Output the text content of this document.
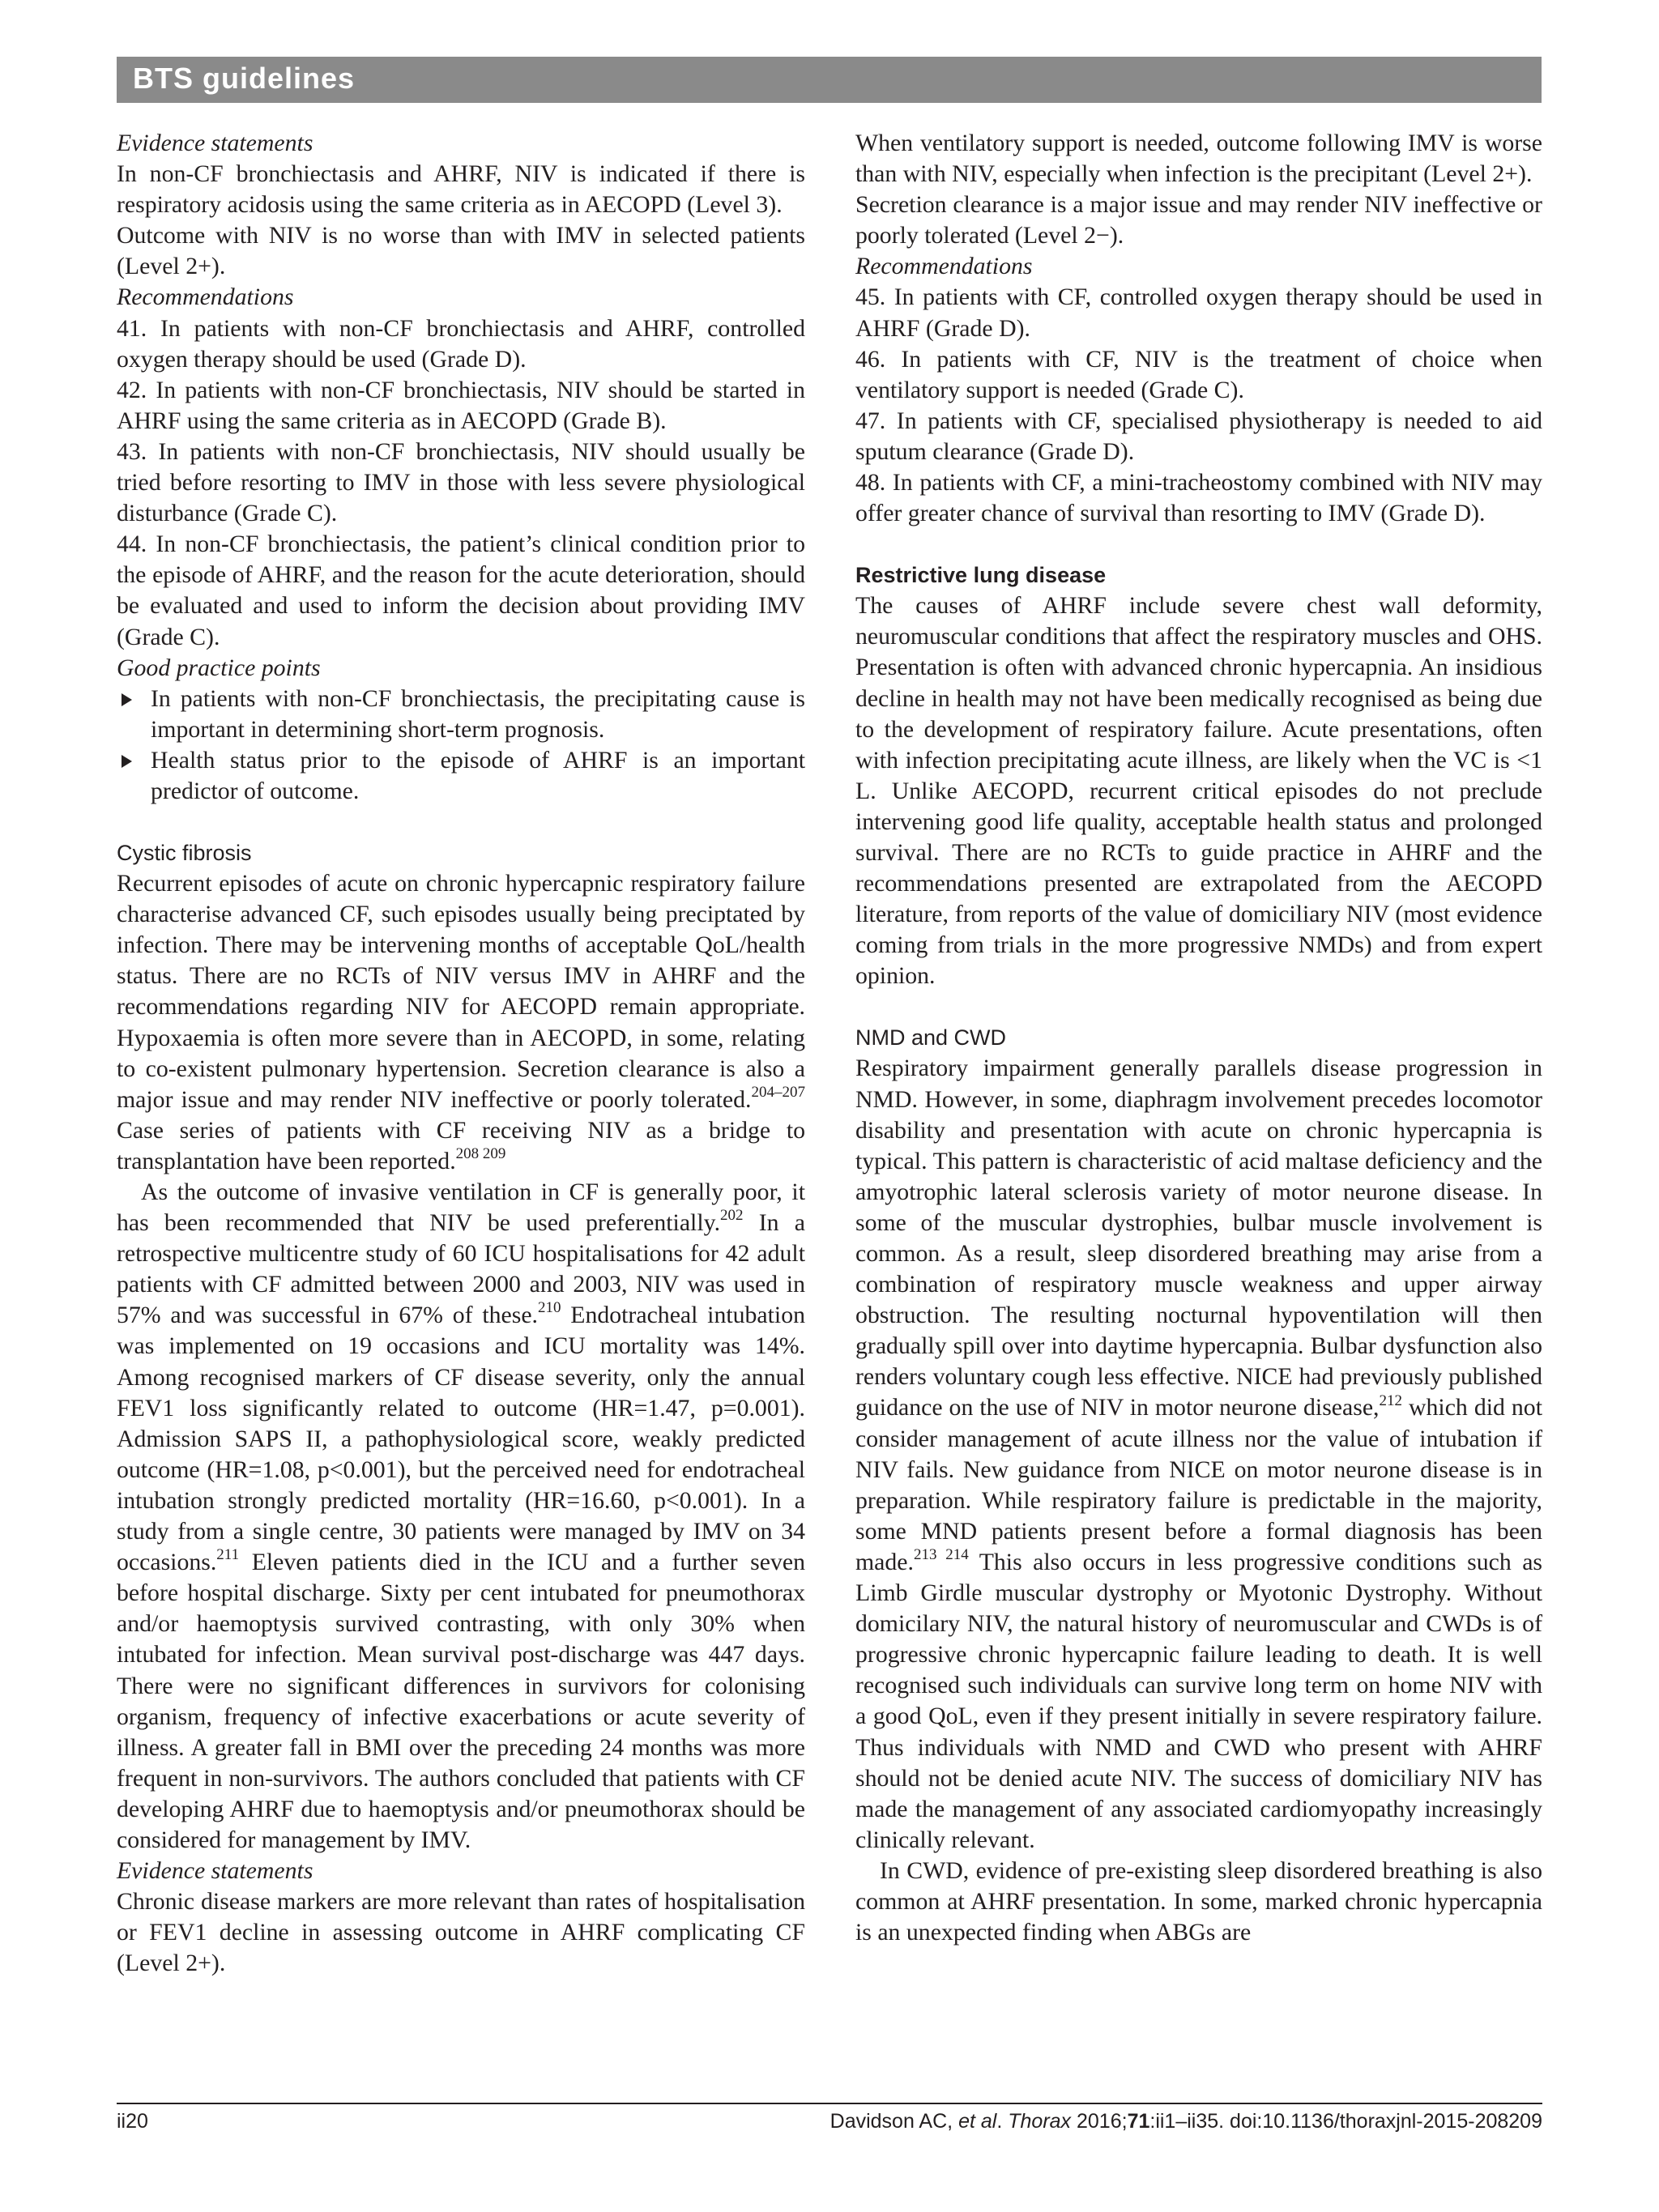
BTS guidelines

Evidence statements

In non-CF bronchiectasis and AHRF, NIV is indicated if there is respiratory acidosis using the same criteria as in AECOPD (Level 3).

Outcome with NIV is no worse than with IMV in selected patients (Level 2+).

Recommendations

41. In patients with non-CF bronchiectasis and AHRF, controlled oxygen therapy should be used (Grade D).

42. In patients with non-CF bronchiectasis, NIV should be started in AHRF using the same criteria as in AECOPD (Grade B).

43. In patients with non-CF bronchiectasis, NIV should usually be tried before resorting to IMV in those with less severe physiological disturbance (Grade C).

44. In non-CF bronchiectasis, the patient’s clinical condition prior to the episode of AHRF, and the reason for the acute deterioration, should be evaluated and used to inform the decision about providing IMV (Grade C).

Good practice points

In patients with non-CF bronchiectasis, the precipitating cause is important in determining short-term prognosis.
Health status prior to the episode of AHRF is an important predictor of outcome.

Cystic fibrosis

Recurrent episodes of acute on chronic hypercapnic respiratory failure characterise advanced CF, such episodes usually being preciptated by infection. There may be intervening months of acceptable QoL/health status. There are no RCTs of NIV versus IMV in AHRF and the recommendations regarding NIV for AECOPD remain appropriate. Hypoxaemia is often more severe than in AECOPD, in some, relating to co-existent pulmonary hypertension. Secretion clearance is also a major issue and may render NIV ineffective or poorly tolerated.$^{204-207}$ Case series of patients with CF receiving NIV as a bridge to transplantation have been reported.$^{208 209}$

As the outcome of invasive ventilation in CF is generally poor, it has been recommended that NIV be used preferentially.$^{202}$ In a retrospective multicentre study of 60 ICU hospitalisations for 42 adult patients with CF admitted between 2000 and 2003, NIV was used in 57% and was successful in 67% of these.$^{210}$ Endotracheal intubation was implemented on 19 occasions and ICU mortality was 14%. Among recognised markers of CF disease severity, only the annual FEV1 loss significantly related to outcome (HR=1.47, p=0.001). Admission SAPS II, a pathophysiological score, weakly predicted outcome (HR=1.08, p<0.001), but the perceived need for endotracheal intubation strongly predicted mortality (HR=16.60, p<0.001). In a study from a single centre, 30 patients were managed by IMV on 34 occasions.$^{211}$ Eleven patients died in the ICU and a further seven before hospital discharge. Sixty per cent intubated for pneumothorax and/or haemoptysis survived contrasting, with only 30% when intubated for infection. Mean survival post-discharge was 447 days. There were no significant differences in survivors for colonising organism, frequency of infective exacerbations or acute severity of illness. A greater fall in BMI over the preceding 24 months was more frequent in non-survivors. The authors concluded that patients with CF developing AHRF due to haemoptysis and/or pneumothorax should be considered for management by IMV.

Evidence statements

Chronic disease markers are more relevant than rates of hospitalisation or FEV1 decline in assessing outcome in AHRF complicating CF (Level 2+).

When ventilatory support is needed, outcome following IMV is worse than with NIV, especially when infection is the precipitant (Level 2+).

Secretion clearance is a major issue and may render NIV ineffective or poorly tolerated (Level 2−).

Recommendations

45. In patients with CF, controlled oxygen therapy should be used in AHRF (Grade D).

46. In patients with CF, NIV is the treatment of choice when ventilatory support is needed (Grade C).

47. In patients with CF, specialised physiotherapy is needed to aid sputum clearance (Grade D).

48. In patients with CF, a mini-tracheostomy combined with NIV may offer greater chance of survival than resorting to IMV (Grade D).

Restrictive lung disease

The causes of AHRF include severe chest wall deformity, neuromuscular conditions that affect the respiratory muscles and OHS. Presentation is often with advanced chronic hypercapnia. An insidious decline in health may not have been medically recognised as being due to the development of respiratory failure. Acute presentations, often with infection precipitating acute illness, are likely when the VC is <1 L. Unlike AECOPD, recurrent critical episodes do not preclude intervening good life quality, acceptable health status and prolonged survival. There are no RCTs to guide practice in AHRF and the recommendations presented are extrapolated from the AECOPD literature, from reports of the value of domiciliary NIV (most evidence coming from trials in the more progressive NMDs) and from expert opinion.

NMD and CWD

Respiratory impairment generally parallels disease progression in NMD. However, in some, diaphragm involvement precedes locomotor disability and presentation with acute on chronic hypercapnia is typical. This pattern is characteristic of acid maltase deficiency and the amyotrophic lateral sclerosis variety of motor neurone disease. In some of the muscular dystrophies, bulbar muscle involvement is common. As a result, sleep disordered breathing may arise from a combination of respiratory muscle weakness and upper airway obstruction. The resulting nocturnal hypoventilation will then gradually spill over into daytime hypercapnia. Bulbar dysfunction also renders voluntary cough less effective. NICE had previously published guidance on the use of NIV in motor neurone disease,$^{212}$ which did not consider management of acute illness nor the value of intubation if NIV fails. New guidance from NICE on motor neurone disease is in preparation. While respiratory failure is predictable in the majority, some MND patients present before a formal diagnosis has been made.$^{213 214}$ This also occurs in less progressive conditions such as Limb Girdle muscular dystrophy or Myotonic Dystrophy. Without domicilary NIV, the natural history of neuromuscular and CWDs is of progressive chronic hypercapnic failure leading to death. It is well recognised such individuals can survive long term on home NIV with a good QoL, even if they present initially in severe respiratory failure. Thus individuals with NMD and CWD who present with AHRF should not be denied acute NIV. The success of domiciliary NIV has made the management of any associated cardiomyopathy increasingly clinically relevant.

In CWD, evidence of pre-existing sleep disordered breathing is also common at AHRF presentation. In some, marked chronic hypercapnia is an unexpected finding when ABGs are

ii20	Davidson AC, et al. Thorax 2016;71:ii1–ii35. doi:10.1136/thoraxjnl-2015-208209
